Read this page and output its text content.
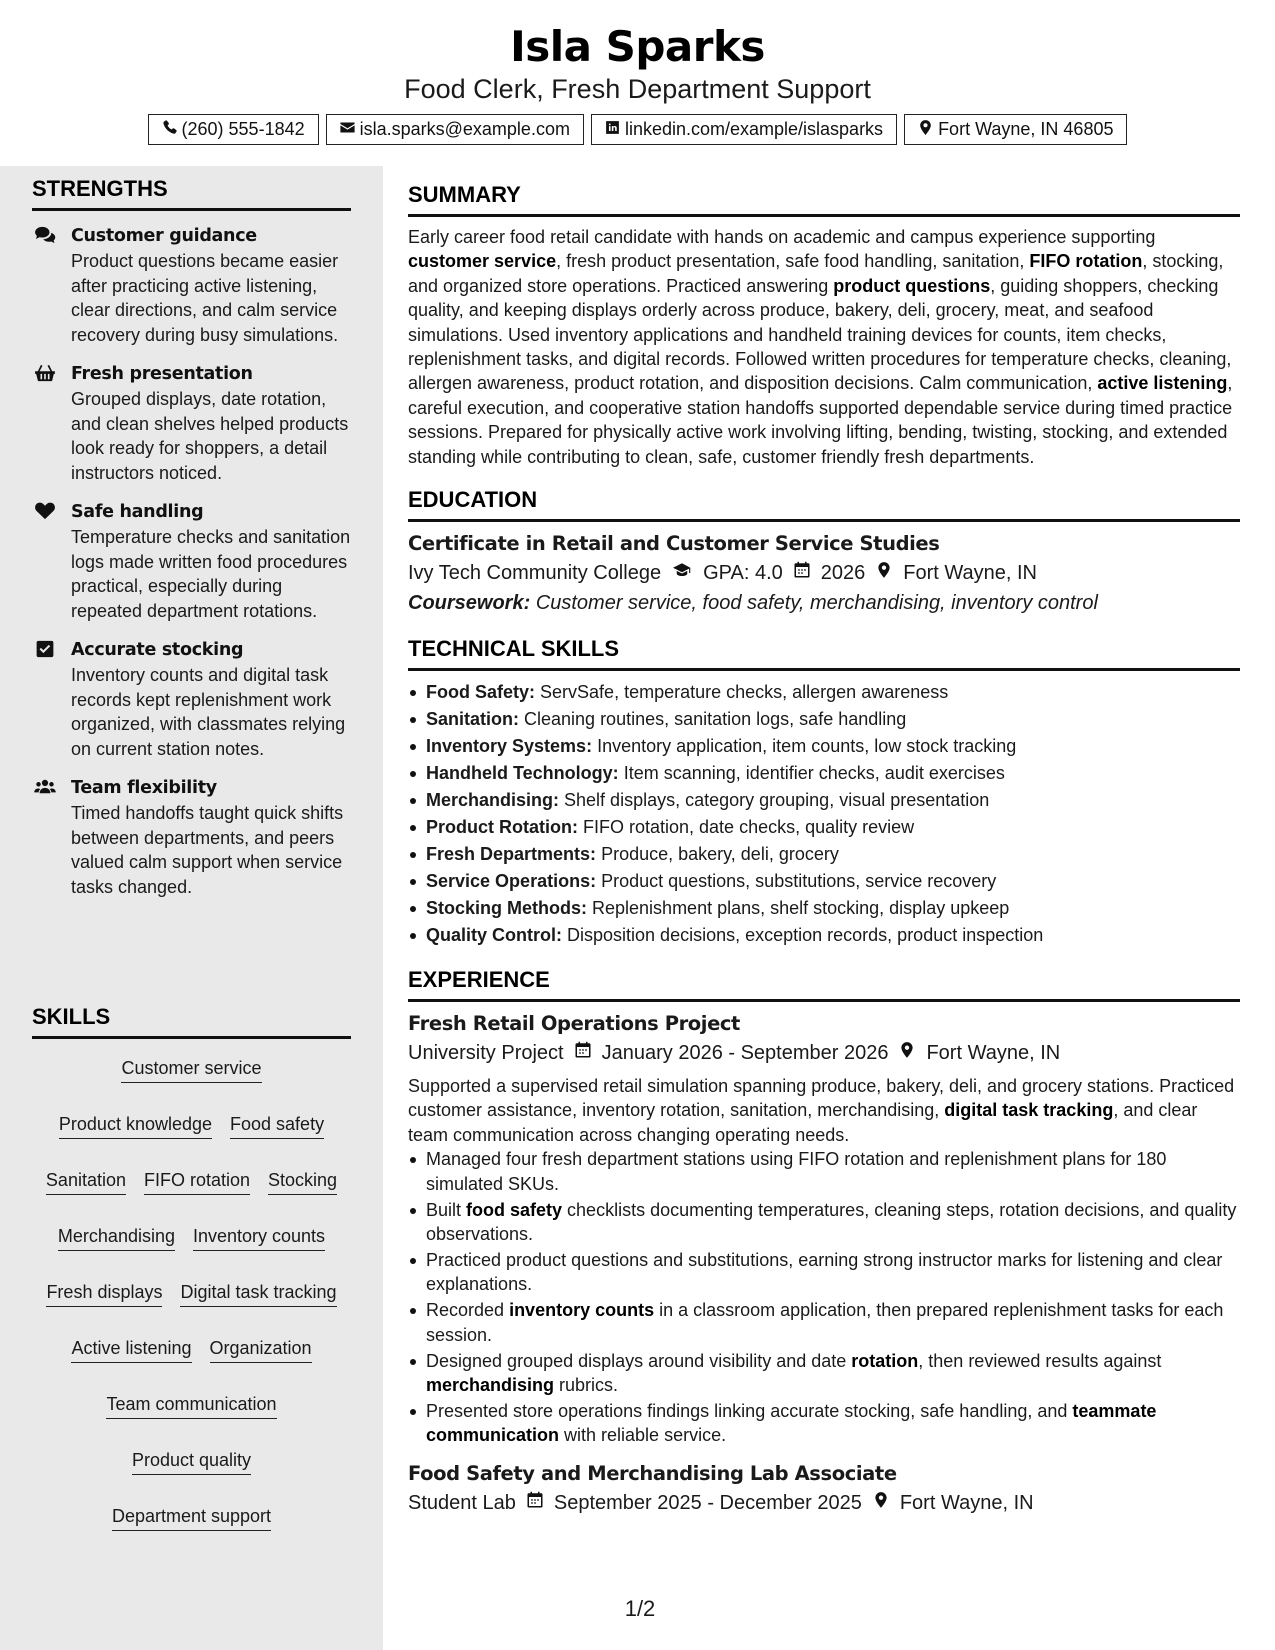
Isla Sparks
Food Clerk, Fresh Department Support
(260) 555-1842	isla.sparks@example.com	linkedin.com/example/islasparks	Fort Wayne, IN 46805
STRENGTHS
Customer guidance
Product questions became easier after practicing active listening, clear directions, and calm service recovery during busy simulations.
Fresh presentation
Grouped displays, date rotation, and clean shelves helped products look ready for shoppers, a detail instructors noticed.
Safe handling
Temperature checks and sanitation logs made written food procedures practical, especially during repeated department rotations.
Accurate stocking
Inventory counts and digital task records kept replenishment work organized, with classmates relying on current station notes.
Team flexibility
Timed handoffs taught quick shifts between departments, and peers valued calm support when service tasks changed.
SKILLS
Customer service
Product knowledge Food safety
Sanitation FIFO rotation Stocking
Merchandising Inventory counts
Fresh displays Digital task tracking
Active listening Organization
Team communication
Product quality
Department support
SUMMARY
Early career food retail candidate with hands on academic and campus experience supporting customer service, fresh product presentation, safe food handling, sanitation, FIFO rotation, stocking, and organized store operations. Practiced answering product questions, guiding shoppers, checking quality, and keeping displays orderly across produce, bakery, deli, grocery, meat, and seafood simulations. Used inventory applications and handheld training devices for counts, item checks, replenishment tasks, and digital records. Followed written procedures for temperature checks, cleaning, allergen awareness, product rotation, and disposition decisions. Calm communication, active listening, careful execution, and cooperative station handoffs supported dependable service during timed practice sessions. Prepared for physically active work involving lifting, bending, twisting, stocking, and extended standing while contributing to clean, safe, customer friendly fresh departments.
EDUCATION
Certificate in Retail and Customer Service Studies
Ivy Tech Community College GPA: 4.0 2026 Fort Wayne, IN
Coursework: Customer service, food safety, merchandising, inventory control
TECHNICAL SKILLS
Food Safety: ServSafe, temperature checks, allergen awareness
Sanitation: Cleaning routines, sanitation logs, safe handling
Inventory Systems: Inventory application, item counts, low stock tracking
Handheld Technology: Item scanning, identifier checks, audit exercises
Merchandising: Shelf displays, category grouping, visual presentation
Product Rotation: FIFO rotation, date checks, quality review
Fresh Departments: Produce, bakery, deli, grocery
Service Operations: Product questions, substitutions, service recovery
Stocking Methods: Replenishment plans, shelf stocking, display upkeep
Quality Control: Disposition decisions, exception records, product inspection
EXPERIENCE
Fresh Retail Operations Project
University Project January 2026 - September 2026 Fort Wayne, IN
Supported a supervised retail simulation spanning produce, bakery, deli, and grocery stations. Practiced customer assistance, inventory rotation, sanitation, merchandising, digital task tracking, and clear team communication across changing operating needs.
Managed four fresh department stations using FIFO rotation and replenishment plans for 180 simulated SKUs.
Built food safety checklists documenting temperatures, cleaning steps, rotation decisions, and quality observations.
Practiced product questions and substitutions, earning strong instructor marks for listening and clear explanations.
Recorded inventory counts in a classroom application, then prepared replenishment tasks for each session.
Designed grouped displays around visibility and date rotation, then reviewed results against merchandising rubrics.
Presented store operations findings linking accurate stocking, safe handling, and teammate communication with reliable service.
Food Safety and Merchandising Lab Associate
Student Lab September 2025 - December 2025 Fort Wayne, IN
1/2
